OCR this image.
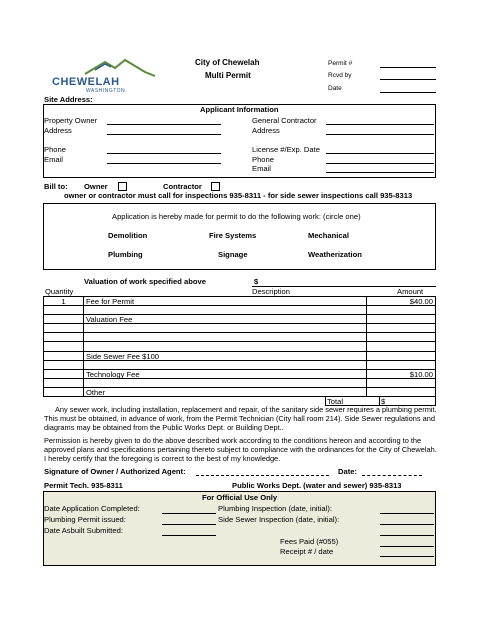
CHEWELAH
WASHINGTON
City of Chewelah
Multi Permit
Permit #
Rcvd by
Date
Site Address:
Applicant Information
Property Owner
Address
Phone
Email
General Contractor
Address
License #/Exp. Date
Phone
Email
Bill to: Owner	Contractor
owner or contractor must call for inspections 935-8311 - for side sewer inspections call 935-8313
Application is hereby made for permit to do the following work: (circle one)
Demolition	Fire Systems	Mechanical
Plumbing	Signage	Weatherization
Valuation of work specified above	$
Quantity	Description	Amount
1	Fee for Permit	$40.00
Valuation Fee
Side Sewer Fee $100
Technology Fee	$10.00
Other
Total	$
Any sewer work, including installation, replacement and repair, of the sanitary side sewer requires a plumbing permit. This must be obtained, in advance of work, from the Permit Technician (City hall room 214). Side Sewer regulations and diagrams may be obtained from the Public Works Dept. or Building Dept..
Permission is hereby given to do the above described work according to the conditions hereon and according to the approved plans and specifications pertaining thereto subject to compliance with the ordinances for the City of Chewelah. I hereby certify that the foregoing is correct to the best of my knowledge.
Signature of Owner / Authorized Agent:	Date:
Permit Tech. 935-8311	Public Works Dept. (water and sewer) 935-8313
For Official Use Only
Date Application Completed:
Plumbing Permit issued:
Date Asbuilt Submitted:
Plumbing Inspection (date, initial):
Side Sewer Inspection (date, initial):
Fees Paid (#055)
Receipt # / date
